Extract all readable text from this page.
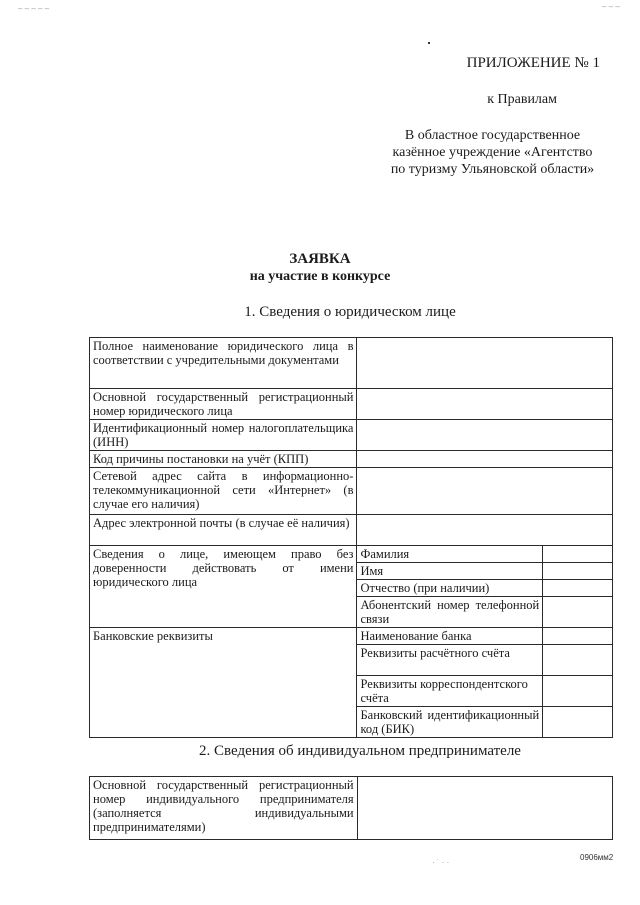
‒ ‒ ‒ ‒ ‒	‒ ‒ ‒
ПРИЛОЖЕНИЕ № 1
к Правилам
В областное государственное
казённое учреждение «Агентство
по туризму Ульяновской области»
ЗАЯВКА
на участие в конкурсе
1. Сведения о юридическом лице
Полное наименование юридического лица в соответствии с учредительными документами		
Основной государственный регистрационный номер юридического лица		
Идентификационный номер налогоплательщика (ИНН)		
Код причины постановки на учёт (КПП)		
Сетевой адрес сайта в информационно-телекоммуникационной сети «Интернет» (в случае его наличия)		
Адрес электронной почты (в случае её наличия)		
Сведения о лице, имеющем право без доверенности действовать от имени юридического лица	Фамилия	
	Имя	
	Отчество (при наличии)	
	Абонентский номер телефонной связи	
Банковские реквизиты	Наименование банка	
	Реквизиты расчётного счёта	
	Реквизиты корреспондентского счёта	
	Банковский идентификационный код (БИК)	
2. Сведения об индивидуальном предпринимателе
Основной государственный регистрационный номер индивидуального предпринимателя (заполняется индивидуальными предпринимателями)	
0906мм2
· ˙ · ·
